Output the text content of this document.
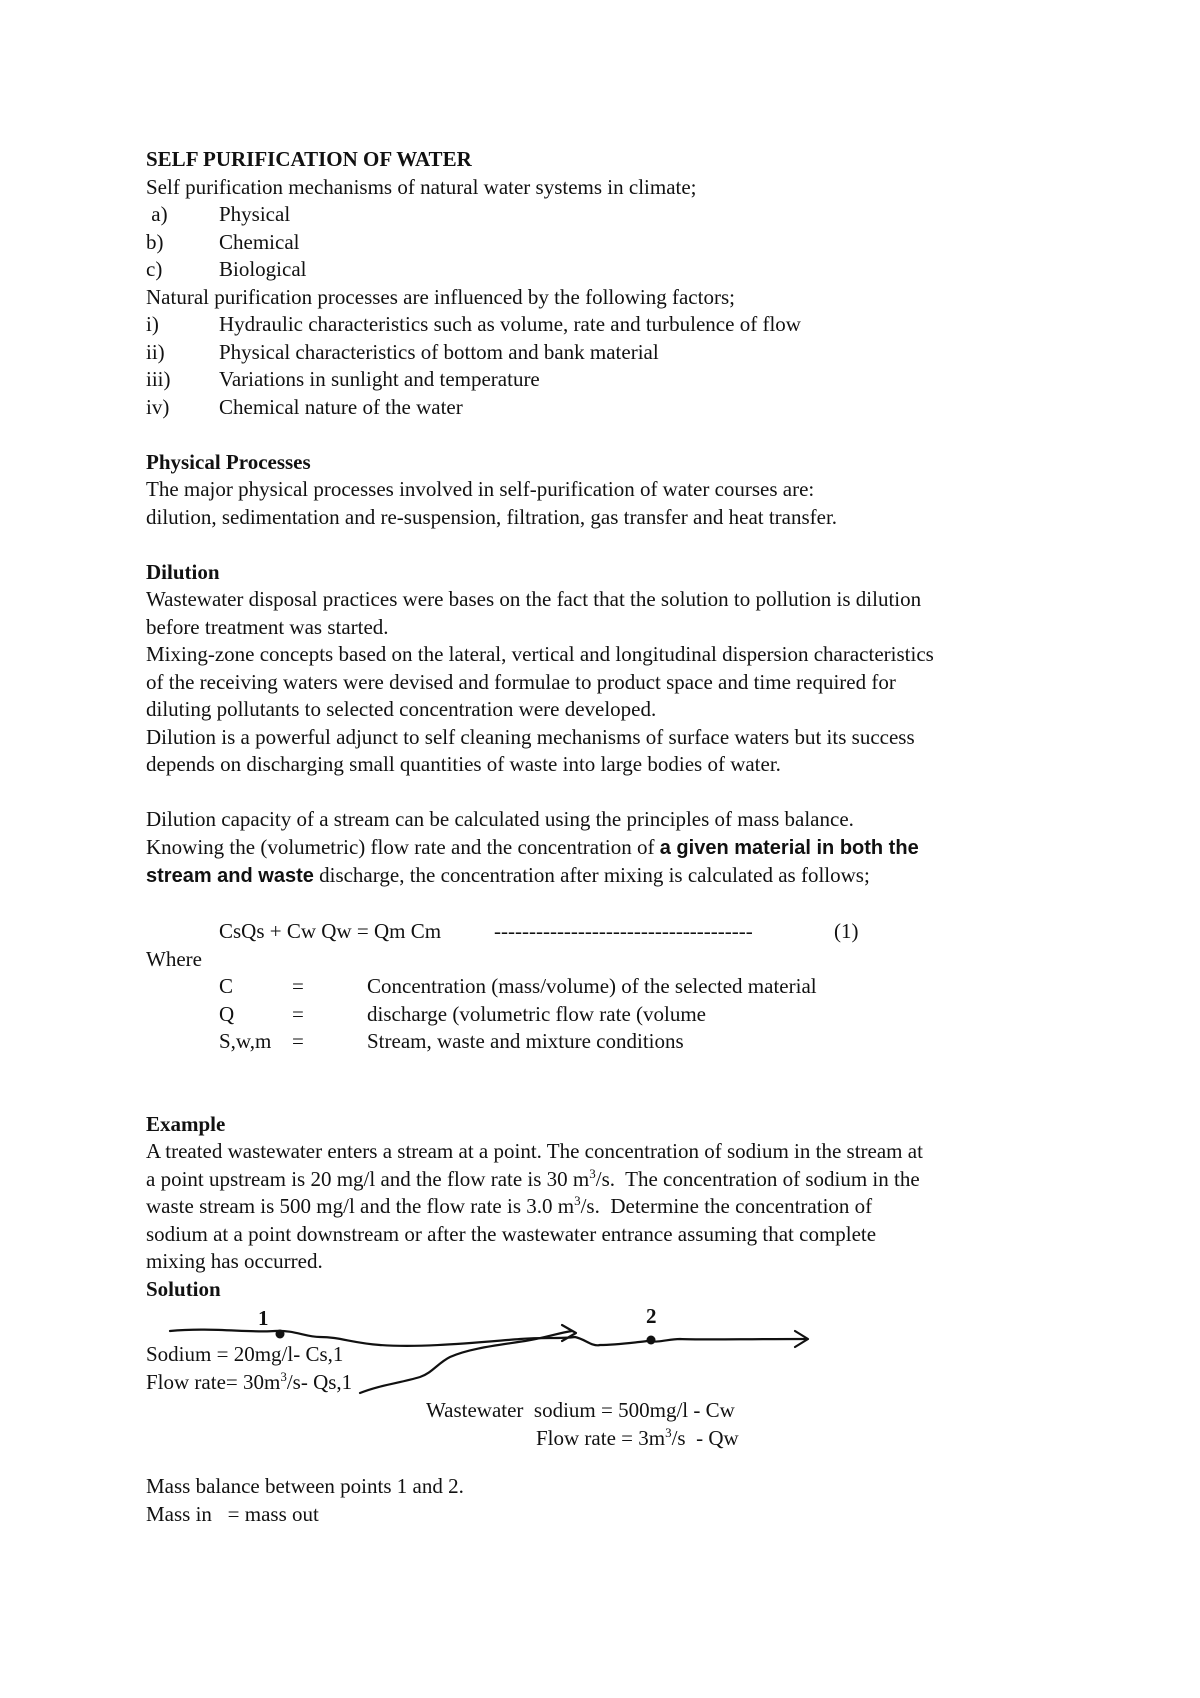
SELF PURIFICATION OF WATER

Self purification mechanisms of natural water systems in climate;

a)	Physical
b)	Chemical
c)	Biological

Natural purification processes are influenced by the following factors;

i)	Hydraulic characteristics such as volume, rate and turbulence of flow
ii)	Physical characteristics of bottom and bank material
iii)	Variations in sunlight and temperature
iv)	Chemical nature of the water

Physical Processes

The major physical processes involved in self-purification of water courses are:

dilution, sedimentation and re-suspension, filtration, gas transfer and heat transfer.

Dilution

Wastewater disposal practices were bases on the fact that the solution to pollution is dilution

before treatment was started.

Mixing-zone concepts based on the lateral, vertical and longitudinal dispersion characteristics

of the receiving waters were devised and formulae to product space and time required for

diluting pollutants to selected concentration were developed.

Dilution is a powerful adjunct to self cleaning mechanisms of surface waters but its success

depends on discharging small quantities of waste into large bodies of water.

Dilution capacity of a stream can be calculated using the principles of mass balance.

Knowing the (volumetric) flow rate and the concentration of a given material in both the

stream and waste discharge, the concentration after mixing is calculated as follows;

CsQs + Cw Qw = Qm Cm	-------------------------------------	(1)

Where

C	=	Concentration (mass/volume) of the selected material
Q	=	discharge (volumetric flow rate (volume
S,w,m =	Stream, waste and mixture conditions

Example

A treated wastewater enters a stream at a point. The concentration of sodium in the stream at

a point upstream is 20 mg/l and the flow rate is 30 $m^3/s$.  The concentration of sodium in the

waste stream is 500 mg/l and the flow rate is 3.0 $m^3/s$.  Determine the concentration of

sodium at a point downstream or after the wastewater entrance assuming that complete

mixing has occurred.

Solution

1	2
Sodium = 20mg/l- Cs,1
Flow rate= $30m^3/s-$ Qs,1
Wastewater  sodium = 500mg/l - Cw
Flow rate = $3m^3/s$  - Qw

Mass balance between points 1 and 2.

Mass in   = mass out
